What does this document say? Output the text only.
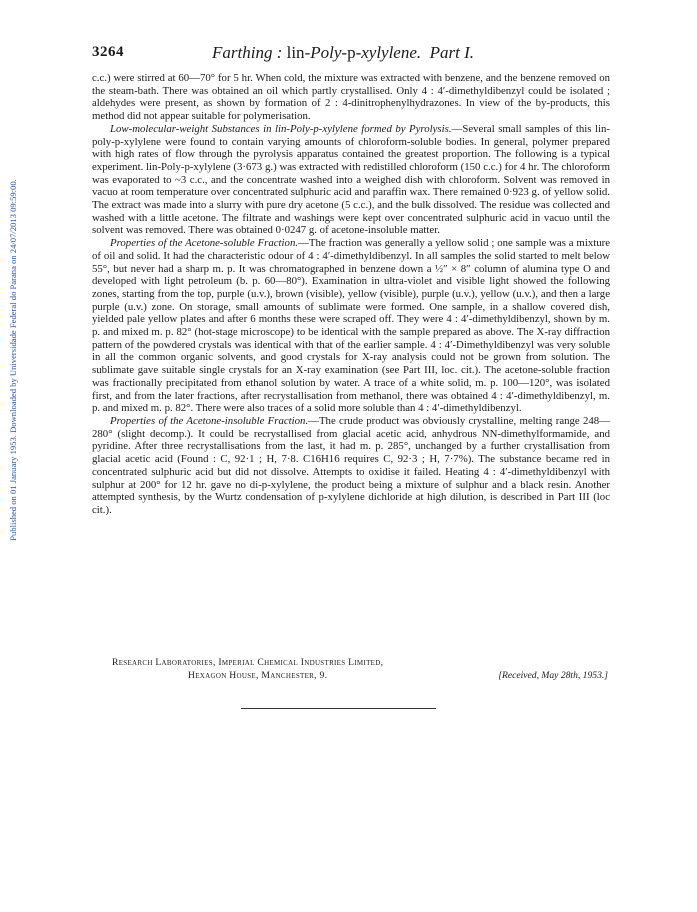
Published on 01 January 1953. Downloaded by Universidade Federal do Parana on 24/07/2013 09:59:00.
3264	Farthing : lin-Poly-p-xylylene. Part I.

c.c.) were stirred at 60—70° for 5 hr. When cold, the mixture was extracted with benzene, and the benzene removed on the steam-bath. There was obtained an oil which partly crystallised. Only 4 : 4′-dimethyldibenzyl could be isolated ; aldehydes were present, as shown by formation of 2 : 4-dinitrophenylhydrazones. In view of the by-products, this method did not appear suitable for polymerisation.

Low-molecular-weight Substances in lin-Poly-p-xylylene formed by Pyrolysis.—Several small samples of this lin-poly-p-xylylene were found to contain varying amounts of chloroform-soluble bodies. In general, polymer prepared with high rates of flow through the pyrolysis apparatus contained the greatest proportion. The following is a typical experiment. lin-Poly-p-xylylene (3·673 g.) was extracted with redistilled chloroform (150 c.c.) for 4 hr. The chloroform was evaporated to ~3 c.c., and the concentrate washed into a weighed dish with chloroform. Solvent was removed in vacuo at room temperature over concentrated sulphuric acid and paraffin wax. There remained 0·923 g. of yellow solid. The extract was made into a slurry with pure dry acetone (5 c.c.), and the bulk dissolved. The residue was collected and washed with a little acetone. The filtrate and washings were kept over concentrated sulphuric acid in vacuo until the solvent was removed. There was obtained 0·0247 g. of acetone-insoluble matter.

Properties of the Acetone-soluble Fraction.—The fraction was generally a yellow solid ; one sample was a mixture of oil and solid. It had the characteristic odour of 4 : 4′-dimethyldibenzyl. In all samples the solid started to melt below 55°, but never had a sharp m. p. It was chromatographed in benzene down a ½″ × 8″ column of alumina type O and developed with light petroleum (b. p. 60—80°). Examination in ultra-violet and visible light showed the following zones, starting from the top, purple (u.v.), brown (visible), yellow (visible), purple (u.v.), yellow (u.v.), and then a large purple (u.v.) zone. On storage, small amounts of sublimate were formed. One sample, in a shallow covered dish, yielded pale yellow plates and after 6 months these were scraped off. They were 4 : 4′-dimethyldibenzyl, shown by m. p. and mixed m. p. 82° (hot-stage microscope) to be identical with the sample prepared as above. The X-ray diffraction pattern of the powdered crystals was identical with that of the earlier sample. 4 : 4′-Dimethyldibenzyl was very soluble in all the common organic solvents, and good crystals for X-ray analysis could not be grown from solution. The sublimate gave suitable single crystals for an X-ray examination (see Part III, loc. cit.). The acetone-soluble fraction was fractionally precipitated from ethanol solution by water. A trace of a white solid, m. p. 100—120°, was isolated first, and from the later fractions, after recrystallisation from methanol, there was obtained 4 : 4′-dimethyldibenzyl, m. p. and mixed m. p. 82°. There were also traces of a solid more soluble than 4 : 4′-dimethyldibenzyl.

Properties of the Acetone-insoluble Fraction.—The crude product was obviously crystalline, melting range 248—280° (slight decomp.). It could be recrystallised from glacial acetic acid, anhydrous NN-dimethylformamide, and pyridine. After three recrystallisations from the last, it had m. p. 285°, unchanged by a further crystallisation from glacial acetic acid (Found : C, 92·1 ; H, 7·8. C16H16 requires C, 92·3 ; H, 7·7%). The substance became red in concentrated sulphuric acid but did not dissolve. Attempts to oxidise it failed. Heating 4 : 4′-dimethyldibenzyl with sulphur at 200° for 12 hr. gave no di-p-xylylene, the product being a mixture of sulphur and a black resin. Another attempted synthesis, by the Wurtz condensation of p-xylylene dichloride at high dilution, is described in Part III (loc cit.).

Research Laboratories, Imperial Chemical Industries Limited,
Hexagon House, Manchester, 9.	[Received, May 28th, 1953.]
